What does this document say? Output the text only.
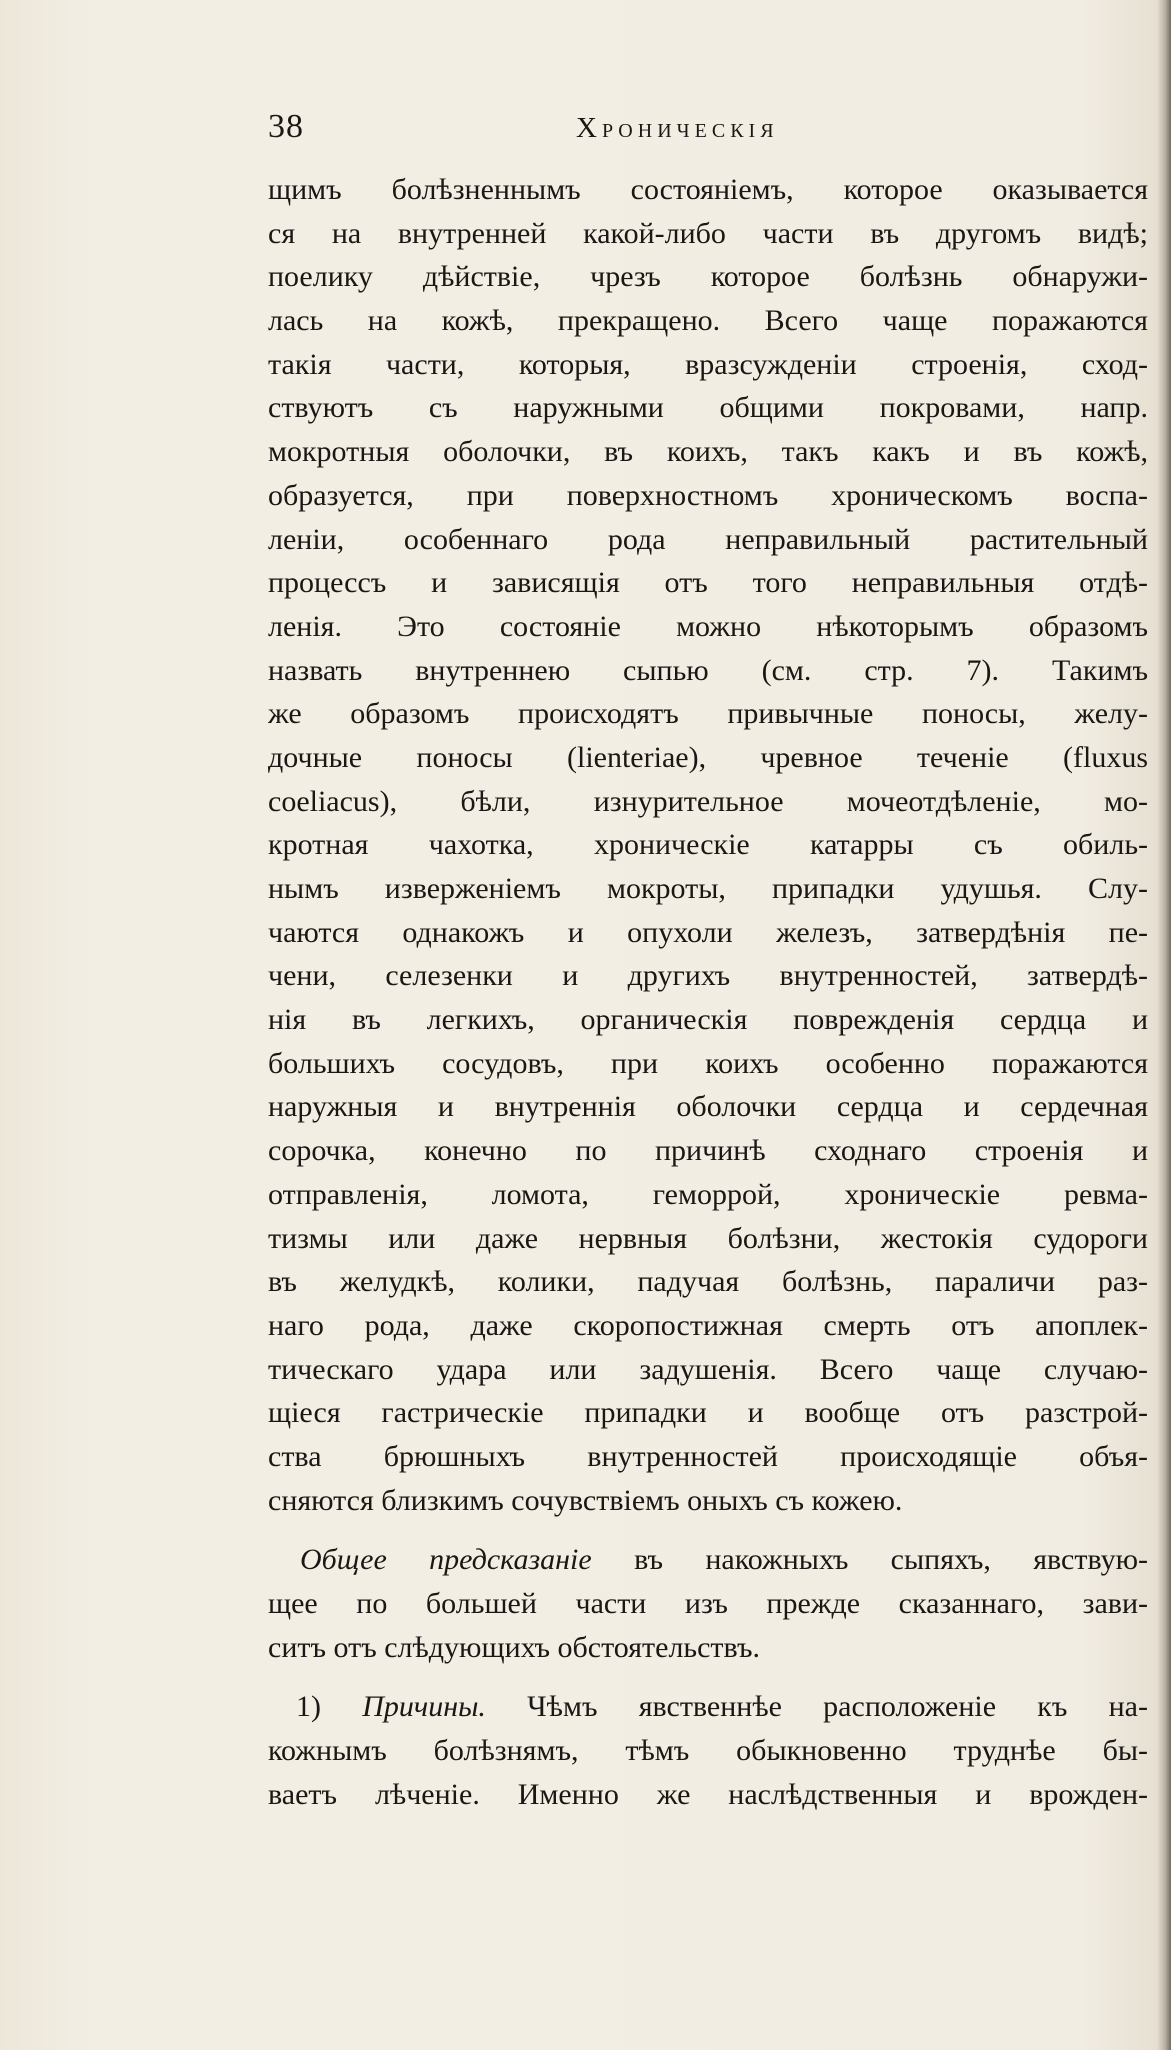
38	Хроническія
щимъ болѣзненнымъ состояніемъ, которое оказывается
ся на внутренней какой-либо части въ другомъ видѣ;
поелику дѣйствіе, чрезъ которое болѣзнь обнаружи-
лась на кожѣ, прекращено. Всего чаще поражаются
такія части, которыя, вразсужденіи строенія, сход-
ствуютъ съ наружными общими покровами, напр.
мокротныя оболочки, въ коихъ, такъ какъ и въ кожѣ,
образуется, при поверхностномъ хроническомъ воспа-
леніи, особеннаго рода неправильный растительный
процессъ и зависящія отъ того неправильныя отдѣ-
ленія. Это состояніе можно нѣкоторымъ образомъ
назвать внутреннею сыпью (см. стр. 7). Такимъ
же образомъ происходятъ привычные поносы, желу-
дочные поносы (lienteriae), чревное теченіе (fluxus
coeliacus), бѣли, изнурительное мочеотдѣленіе, мо-
кротная чахотка, хроническіе катарры съ обиль-
нымъ изверженіемъ мокроты, припадки удушья. Слу-
чаются однакожъ и опухоли железъ, затвердѣнія пе-
чени, селезенки и другихъ внутренностей, затвердѣ-
нія въ легкихъ, органическія поврежденія сердца и
большихъ сосудовъ, при коихъ особенно поражаются
наружныя и внутреннія оболочки сердца и сердечная
сорочка, конечно по причинѣ сходнаго строенія и
отправленія, ломота, геморрой, хроническіе ревма-
тизмы или даже нервныя болѣзни, жестокія судороги
въ желудкѣ, колики, падучая болѣзнь, параличи раз-
наго рода, даже скоропостижная смерть отъ апоплек-
тическаго удара или задушенія. Всего чаще случаю-
щіеся гастрическіе припадки и вообще отъ разстрой-
ства брюшныхъ внутренностей происходящіе объя-
сняются близкимъ сочувствіемъ оныхъ съ кожею.
Общее предсказаніе въ накожныхъ сыпяхъ, явствую-
щее по большей части изъ прежде сказаннаго, зави-
ситъ отъ слѣдующихъ обстоятельствъ.
1) Причины. Чѣмъ явственнѣе расположеніе къ на-
кожнымъ болѣзнямъ, тѣмъ обыкновенно труднѣе бы-
ваетъ лѣченіе. Именно же наслѣдственныя и врожден-
